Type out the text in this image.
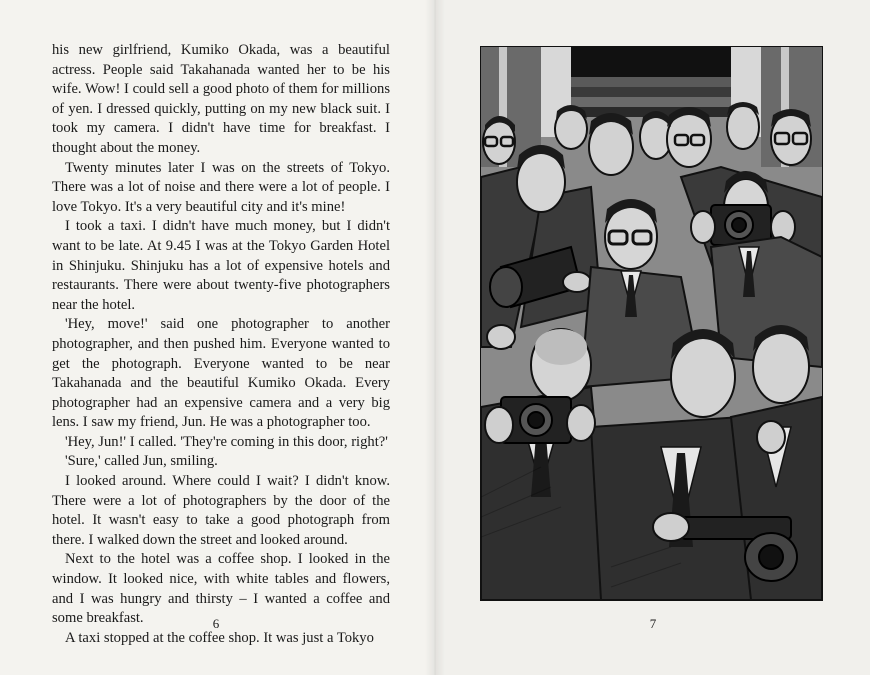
his new girlfriend, Kumiko Okada, was a beautiful actress. People said Takahanada wanted her to be his wife. Wow! I could sell a good photo of them for millions of yen. I dressed quickly, putting on my new black suit. I took my camera. I didn't have time for breakfast. I thought about the money.

Twenty minutes later I was on the streets of Tokyo. There was a lot of noise and there were a lot of people. I love Tokyo. It's a very beautiful city and it's mine!

I took a taxi. I didn't have much money, but I didn't want to be late. At 9.45 I was at the Tokyo Garden Hotel in Shinjuku. Shinjuku has a lot of expensive hotels and restaurants. There were about twenty-five photographers near the hotel.

'Hey, move!' said one photographer to another photographer, and then pushed him. Everyone wanted to get the photograph. Everyone wanted to be near Takahanada and the beautiful Kumiko Okada. Every photographer had an expensive camera and a very big lens. I saw my friend, Jun. He was a photographer too.

'Hey, Jun!' I called. 'They're coming in this door, right?'

'Sure,' called Jun, smiling.

I looked around. Where could I wait? I didn't know. There were a lot of photographers by the door of the hotel. It wasn't easy to take a good photograph from there. I walked down the street and looked around.

Next to the hotel was a coffee shop. I looked in the window. It looked nice, with white tables and flowers, and I was hungry and thirsty – I wanted a coffee and some breakfast.

A taxi stopped at the coffee shop. It was just a Tokyo

6	7
